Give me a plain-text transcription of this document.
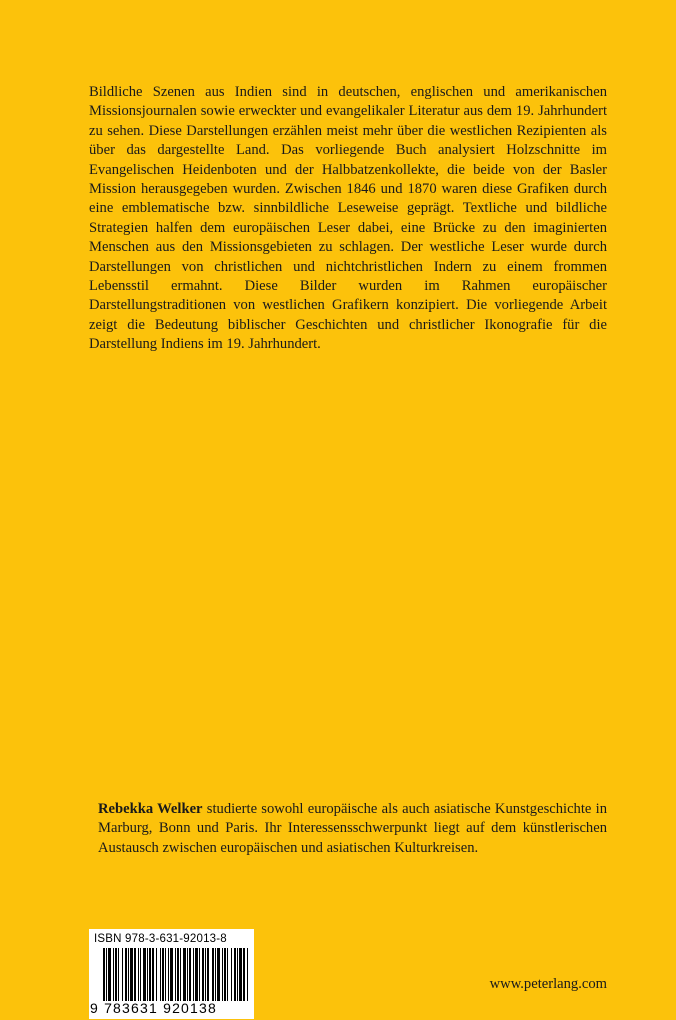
Bildliche Szenen aus Indien sind in deutschen, englischen und amerikanischen Missionsjournalen sowie erweckter und evangelikaler Literatur aus dem 19. Jahrhundert zu sehen. Diese Darstellungen erzählen meist mehr über die westlichen Rezipienten als über das dargestellte Land. Das vorliegende Buch analysiert Holzschnitte im Evangelischen Heidenboten und der Halbbatzenkollekte, die beide von der Basler Mission herausgegeben wurden. Zwischen 1846 und 1870 waren diese Grafiken durch eine emblematische bzw. sinnbildliche Leseweise geprägt. Textliche und bildliche Strategien halfen dem europäischen Leser dabei, eine Brücke zu den imaginierten Menschen aus den Missionsgebieten zu schlagen. Der westliche Leser wurde durch Darstellungen von christlichen und nichtchristlichen Indern zu einem frommen Lebensstil ermahnt. Diese Bilder wurden im Rahmen europäischer Darstellungstraditionen von westlichen Grafikern konzipiert. Die vorliegende Arbeit zeigt die Bedeutung biblischer Geschichten und christlicher Ikonografie für die Darstellung Indiens im 19. Jahrhundert.

Rebekka Welker studierte sowohl europäische als auch asiatische Kunstgeschichte in Marburg, Bonn und Paris. Ihr Interessensschwerpunkt liegt auf dem künstlerischen Austausch zwischen europäischen und asiatischen Kulturkreisen.
ISBN 978-3-631-92013-8
9 783631 920138
www.peterlang.com
